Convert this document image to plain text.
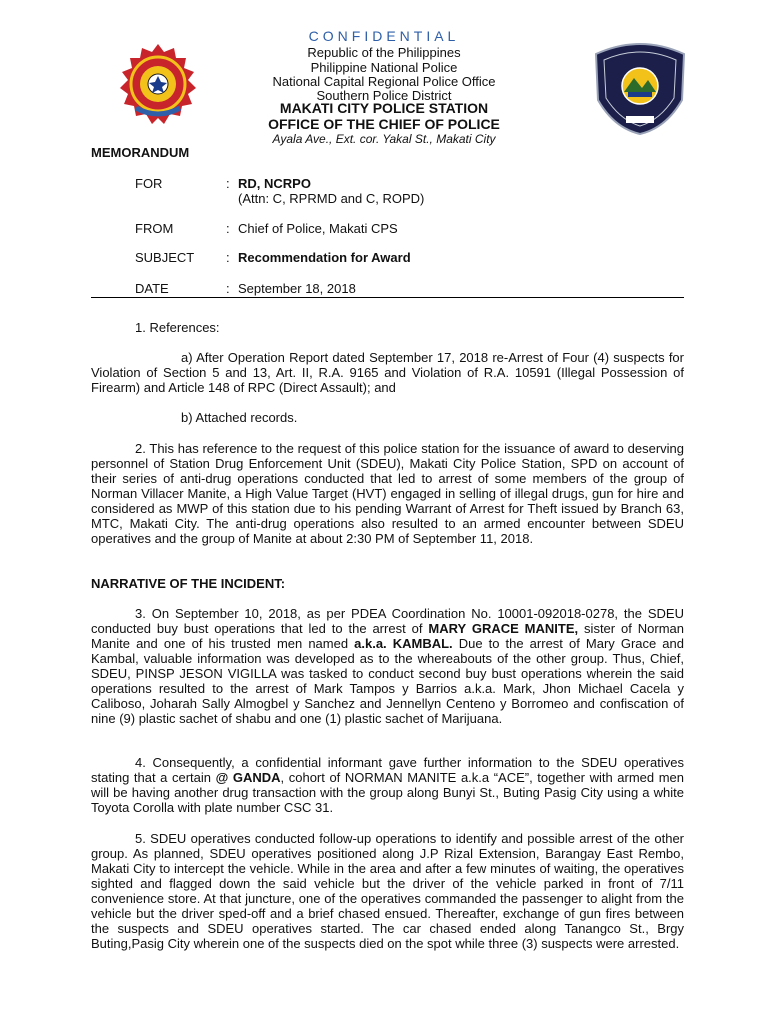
CONFIDENTIAL
Republic of the Philippines
Philippine National Police
National Capital Regional Police Office
Southern Police District
MAKATI CITY POLICE STATION
OFFICE OF THE CHIEF OF POLICE
Ayala Ave., Ext. cor. Yakal St., Makati City
MEMORANDUM
FOR	: RD, NCRPO
(Attn: C, RPRMD and C, ROPD)
FROM	: Chief of Police, Makati CPS
SUBJECT : Recommendation for Award
DATE	: September 18, 2018

1. References:

a) After Operation Report dated September 17, 2018 re-Arrest of Four (4) suspects for Violation of Section 5 and 13, Art. II, R.A. 9165 and Violation of R.A. 10591 (Illegal Possession of Firearm) and Article 148 of RPC (Direct Assault); and

b) Attached records.

2. This has reference to the request of this police station for the issuance of award to deserving personnel of Station Drug Enforcement Unit (SDEU), Makati City Police Station, SPD on account of their series of anti-drug operations conducted that led to arrest of some members of the group of Norman Villacer Manite, a High Value Target (HVT) engaged in selling of illegal drugs, gun for hire and considered as MWP of this station due to his pending Warrant of Arrest for Theft issued by Branch 63, MTC, Makati City. The anti-drug operations also resulted to an armed encounter between SDEU operatives and the group of Manite at about 2:30 PM of September 11, 2018.

NARRATIVE OF THE INCIDENT:

3. On September 10, 2018, as per PDEA Coordination No. 10001-092018-0278, the SDEU conducted buy bust operations that led to the arrest of MARY GRACE MANITE, sister of Norman Manite and one of his trusted men named a.k.a. KAMBAL. Due to the arrest of Mary Grace and Kambal, valuable information was developed as to the whereabouts of the other group. Thus, Chief, SDEU, PINSP JESON VIGILLA was tasked to conduct second buy bust operations wherein the said operations resulted to the arrest of Mark Tampos y Barrios a.k.a. Mark, Jhon Michael Cacela y Caliboso, Joharah Sally Almogbel y Sanchez and Jennellyn Centeno y Borromeo and confiscation of nine (9) plastic sachet of shabu and one (1) plastic sachet of Marijuana.

4. Consequently, a confidential informant gave further information to the SDEU operatives stating that a certain @ GANDA, cohort of NORMAN MANITE a.k.a “ACE”, together with armed men will be having another drug transaction with the group along Bunyi St., Buting Pasig City using a white Toyota Corolla with plate number CSC 31.

5. SDEU operatives conducted follow-up operations to identify and possible arrest of the other group. As planned, SDEU operatives positioned along J.P Rizal Extension, Barangay East Rembo, Makati City to intercept the vehicle. While in the area and after a few minutes of waiting, the operatives sighted and flagged down the said vehicle but the driver of the vehicle parked in front of 7/11 convenience store. At that juncture, one of the operatives commanded the passenger to alight from the vehicle but the driver sped-off and a brief chased ensued. Thereafter, exchange of gun fires between the suspects and SDEU operatives started. The car chased ended along Tanangco St., Brgy Buting,Pasig City wherein one of the suspects died on the spot while three (3) suspects were arrested.
